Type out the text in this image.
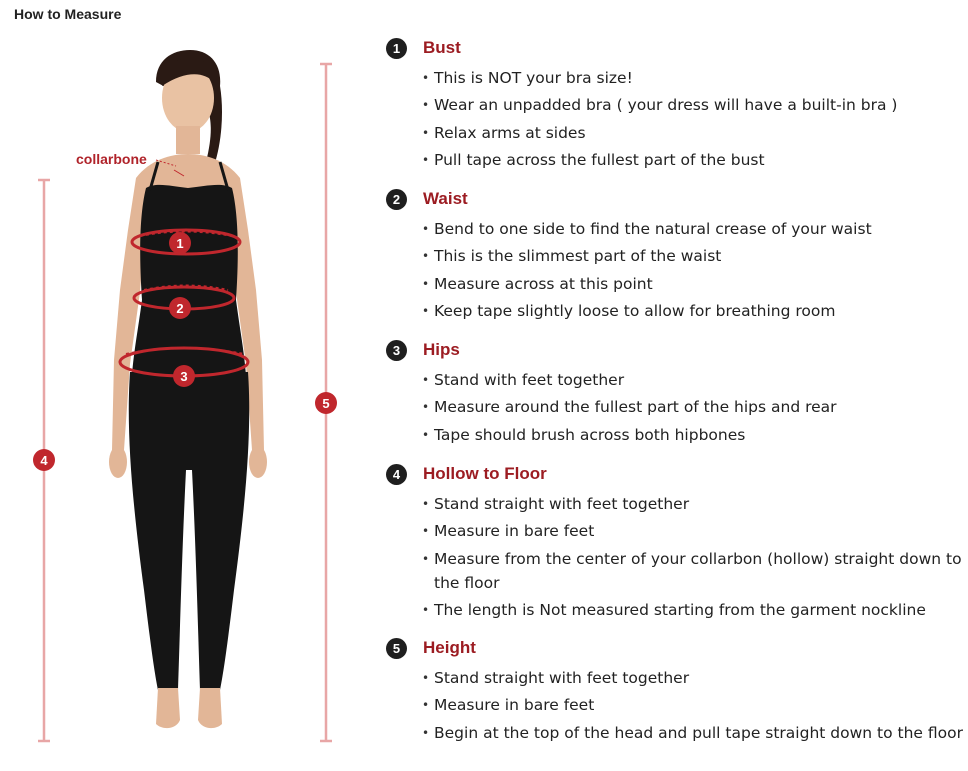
How to Measure
1
2
3
4
5
collarbone
1	Bust
• This is NOT your bra size!
• Wear an unpadded bra ( your dress will have a built-in bra )
• Relax arms at sides
• Pull tape across the fullest part of the bust
2	Waist
• Bend to one side to find the natural crease of your waist
• This is the slimmest part of the waist
• Measure across at this point
• Keep tape slightly loose to allow for breathing room
3	Hips
• Stand with feet together
• Measure around the fullest part of the hips and rear
• Tape should brush across both hipbones
4	Hollow to Floor
• Stand straight with feet together
• Measure in bare feet
• Measure from the center of your collarbon (hollow) straight down to the floor
• The length is Not measured starting from the garment nockline
5	Height
• Stand straight with feet together
• Measure in bare feet
• Begin at the top of the head and pull tape straight down to the floor
